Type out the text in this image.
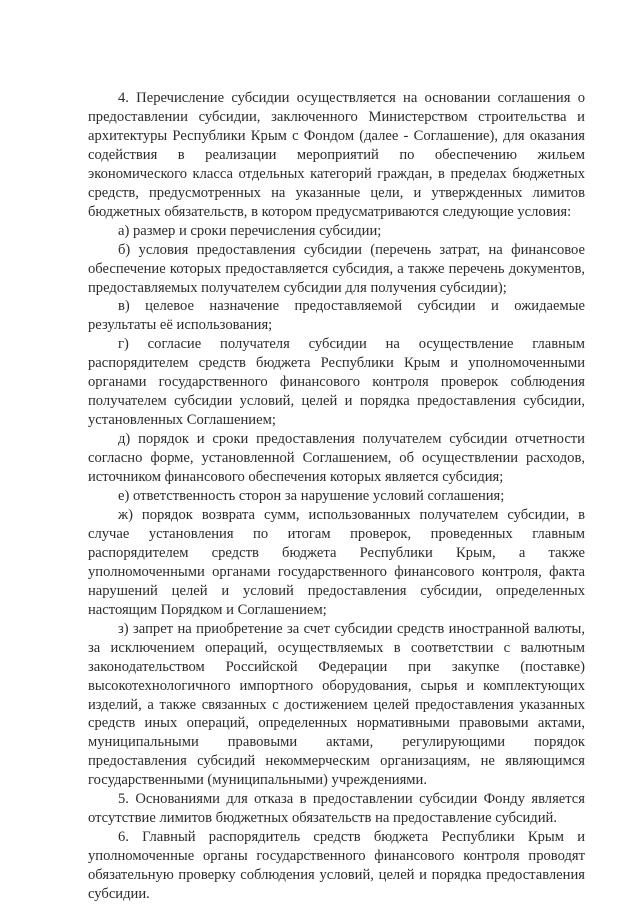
4. Перечисление субсидии осуществляется на основании соглашения о предоставлении субсидии, заключенного Министерством строительства и архитектуры Республики Крым с Фондом (далее - Соглашение), для оказания содействия в реализации мероприятий по обеспечению жильем экономического класса отдельных категорий граждан, в пределах бюджетных средств, предусмотренных на указанные цели, и утвержденных лимитов бюджетных обязательств, в котором предусматриваются следующие условия:

а) размер и сроки перечисления субсидии;

б) условия предоставления субсидии (перечень затрат, на финансовое обеспечение которых предоставляется субсидия, а также перечень документов, предоставляемых получателем субсидии для получения субсидии);

в) целевое назначение предоставляемой субсидии и ожидаемые результаты её использования;

г) согласие получателя субсидии на осуществление главным распорядителем средств бюджета Республики Крым и уполномоченными органами государственного финансового контроля проверок соблюдения получателем субсидии условий, целей и порядка предоставления субсидии, установленных Соглашением;

д) порядок и сроки предоставления получателем субсидии отчетности согласно форме, установленной Соглашением, об осуществлении расходов, источником финансового обеспечения которых является субсидия;

е) ответственность сторон за нарушение условий соглашения;

ж) порядок возврата сумм, использованных получателем субсидии, в случае установления по итогам проверок, проведенных главным распорядителем средств бюджета Республики Крым, а также уполномоченными органами государственного финансового контроля, факта нарушений целей и условий предоставления субсидии, определенных настоящим Порядком и Соглашением;

з) запрет на приобретение за счет субсидии средств иностранной валюты, за исключением операций, осуществляемых в соответствии с валютным законодательством Российской Федерации при закупке (поставке) высокотехнологичного импортного оборудования, сырья и комплектующих изделий, а также связанных с достижением целей предоставления указанных средств иных операций, определенных нормативными правовыми актами, муниципальными правовыми актами, регулирующими порядок предоставления субсидий некоммерческим организациям, не являющимся государственными (муниципальными) учреждениями.

5. Основаниями для отказа в предоставлении субсидии Фонду является отсутствие лимитов бюджетных обязательств на предоставление субсидий.

6. Главный распорядитель средств бюджета Республики Крым и уполномоченные органы государственного финансового контроля проводят обязательную проверку соблюдения условий, целей и порядка предоставления субсидии.
